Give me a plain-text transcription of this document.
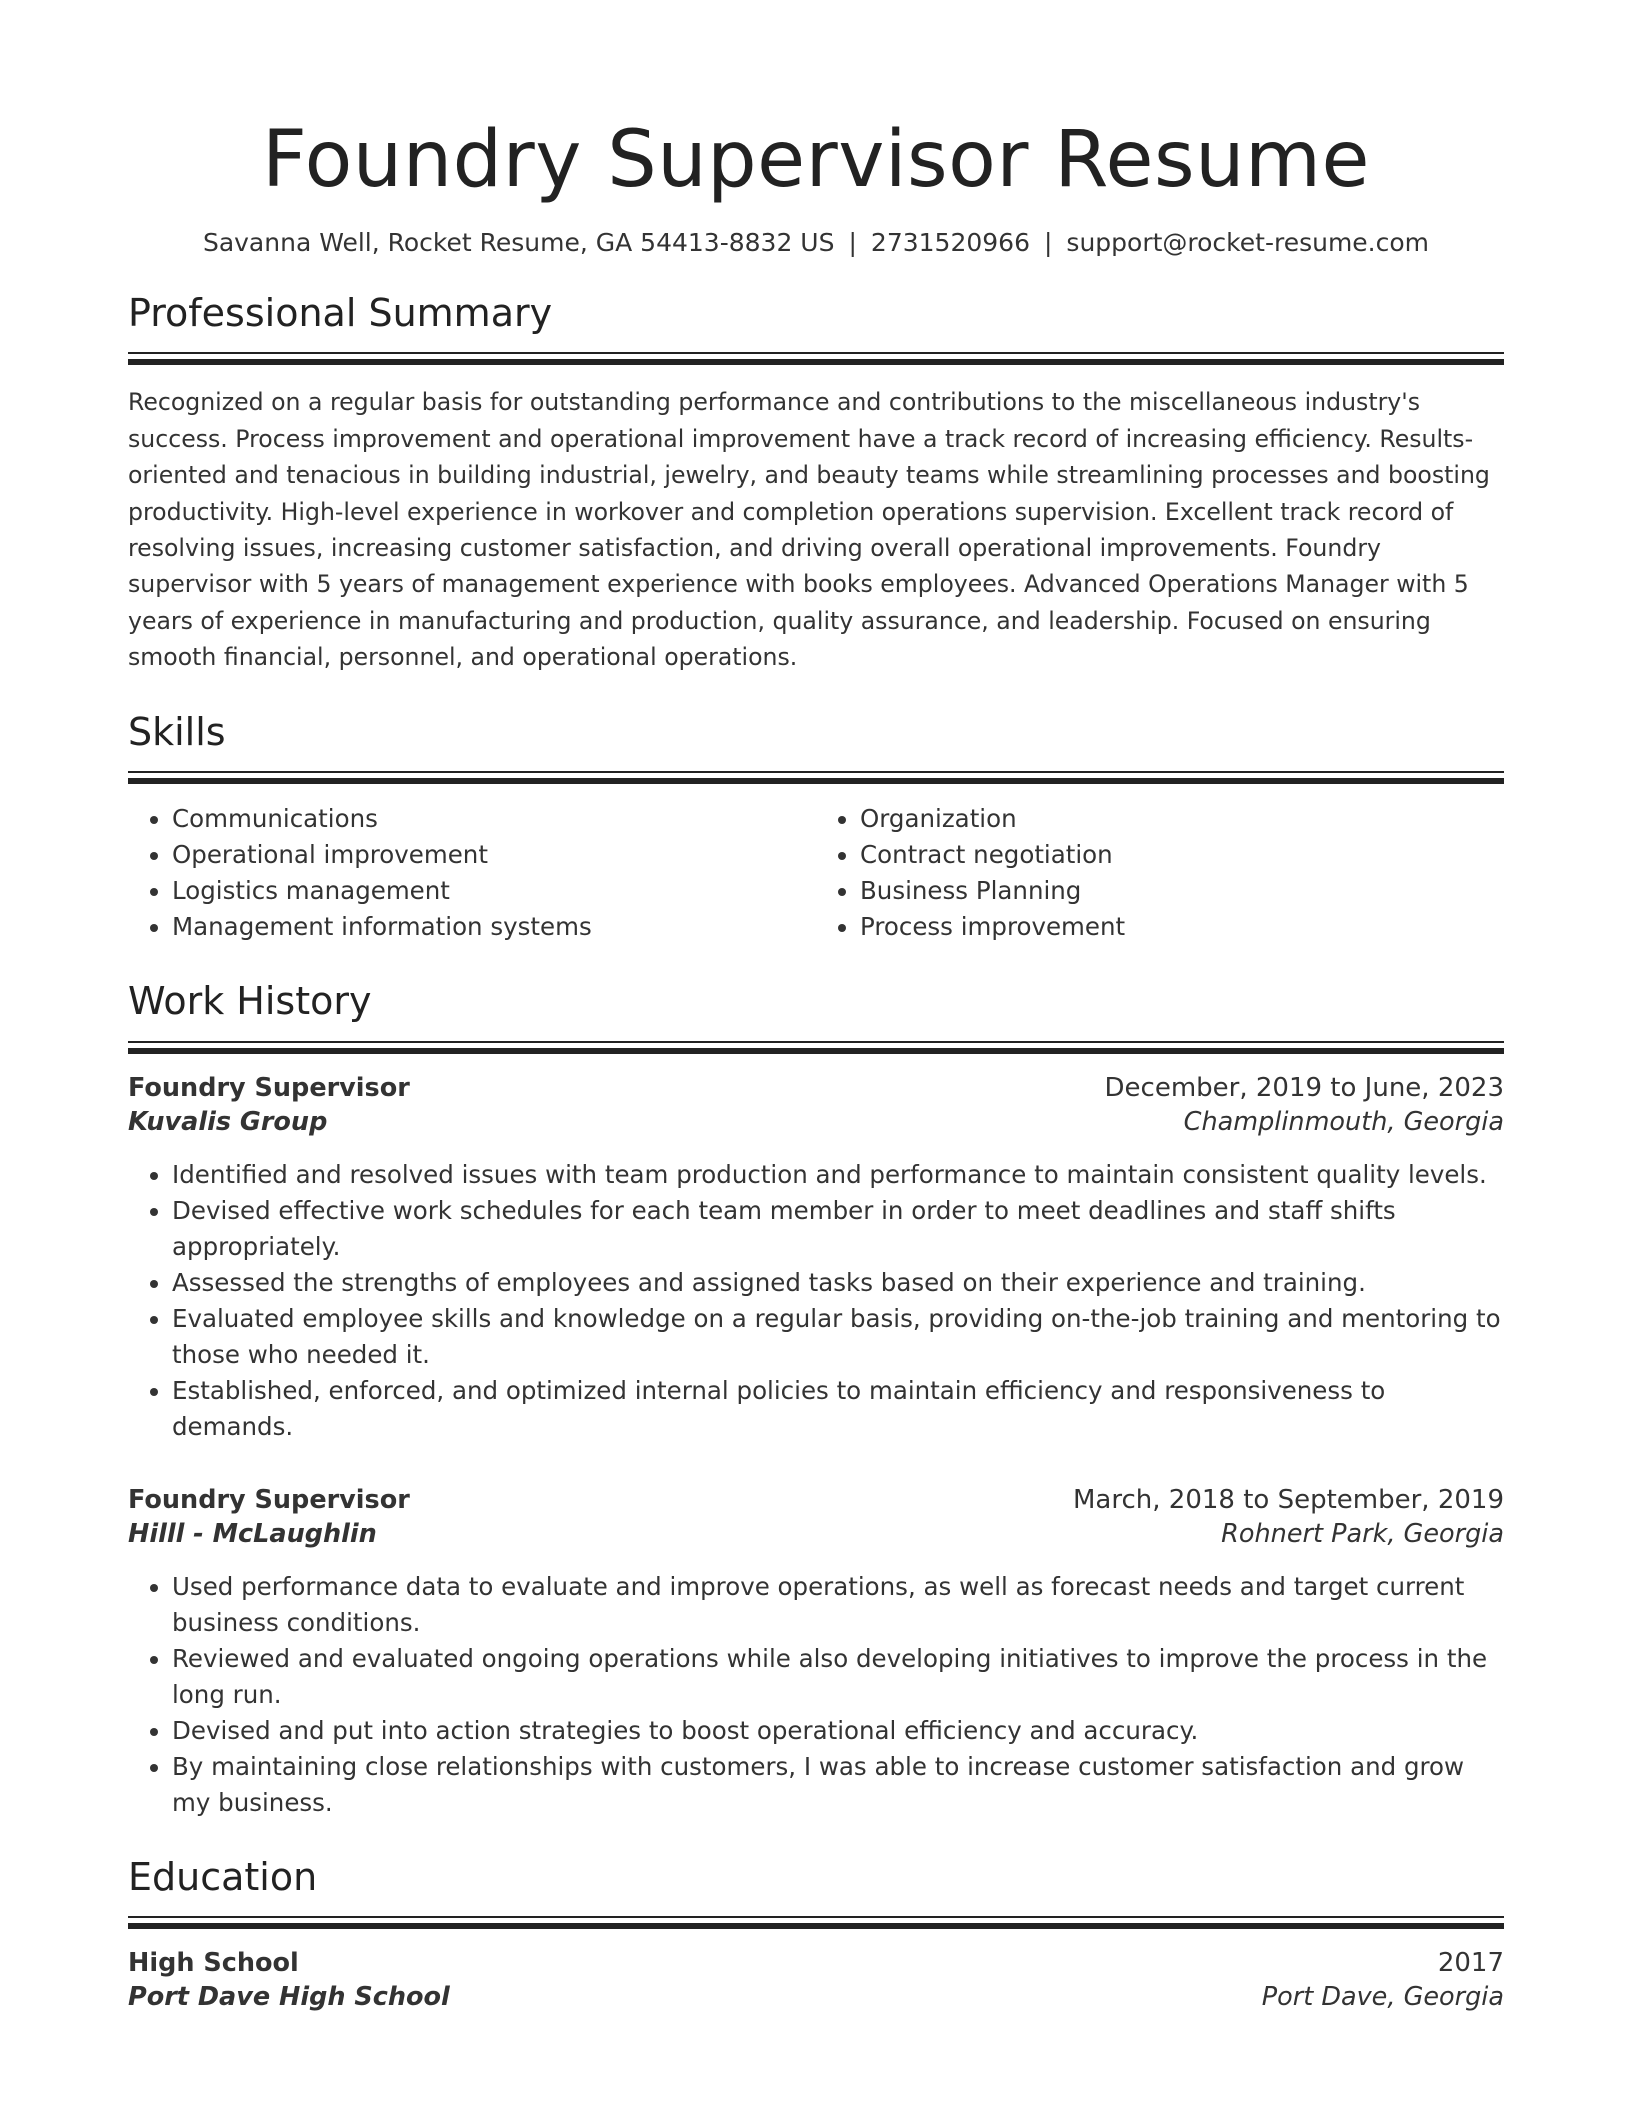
Foundry Supervisor Resume
Savanna Well, Rocket Resume, GA 54413-8832 US | 2731520966 | support@rocket-resume.com
Professional Summary
Recognized on a regular basis for outstanding performance and contributions to the miscellaneous industry's success. Process improvement and operational improvement have a track record of increasing efficiency. Results-oriented and tenacious in building industrial, jewelry, and beauty teams while streamlining processes and boosting productivity. High-level experience in workover and completion operations supervision. Excellent track record of resolving issues, increasing customer satisfaction, and driving overall operational improvements. Foundry supervisor with 5 years of management experience with books employees. Advanced Operations Manager with 5 years of experience in manufacturing and production, quality assurance, and leadership. Focused on ensuring smooth financial, personnel, and operational operations.
Skills
• Communications
• Operational improvement
• Logistics management
• Management information systems
• Organization
• Contract negotiation
• Business Planning
• Process improvement
Work History
Foundry Supervisor	December, 2019 to June, 2023
Kuvalis Group	Champlinmouth, Georgia
• Identified and resolved issues with team production and performance to maintain consistent quality levels.
• Devised effective work schedules for each team member in order to meet deadlines and staff shifts appropriately.
• Assessed the strengths of employees and assigned tasks based on their experience and training.
• Evaluated employee skills and knowledge on a regular basis, providing on-the-job training and mentoring to those who needed it.
• Established, enforced, and optimized internal policies to maintain efficiency and responsiveness to demands.
Foundry Supervisor	March, 2018 to September, 2019
Hilll - McLaughlin	Rohnert Park, Georgia
• Used performance data to evaluate and improve operations, as well as forecast needs and target current business conditions.
• Reviewed and evaluated ongoing operations while also developing initiatives to improve the process in the long run.
• Devised and put into action strategies to boost operational efficiency and accuracy.
• By maintaining close relationships with customers, I was able to increase customer satisfaction and grow my business.
Education
High School	2017
Port Dave High School	Port Dave, Georgia
